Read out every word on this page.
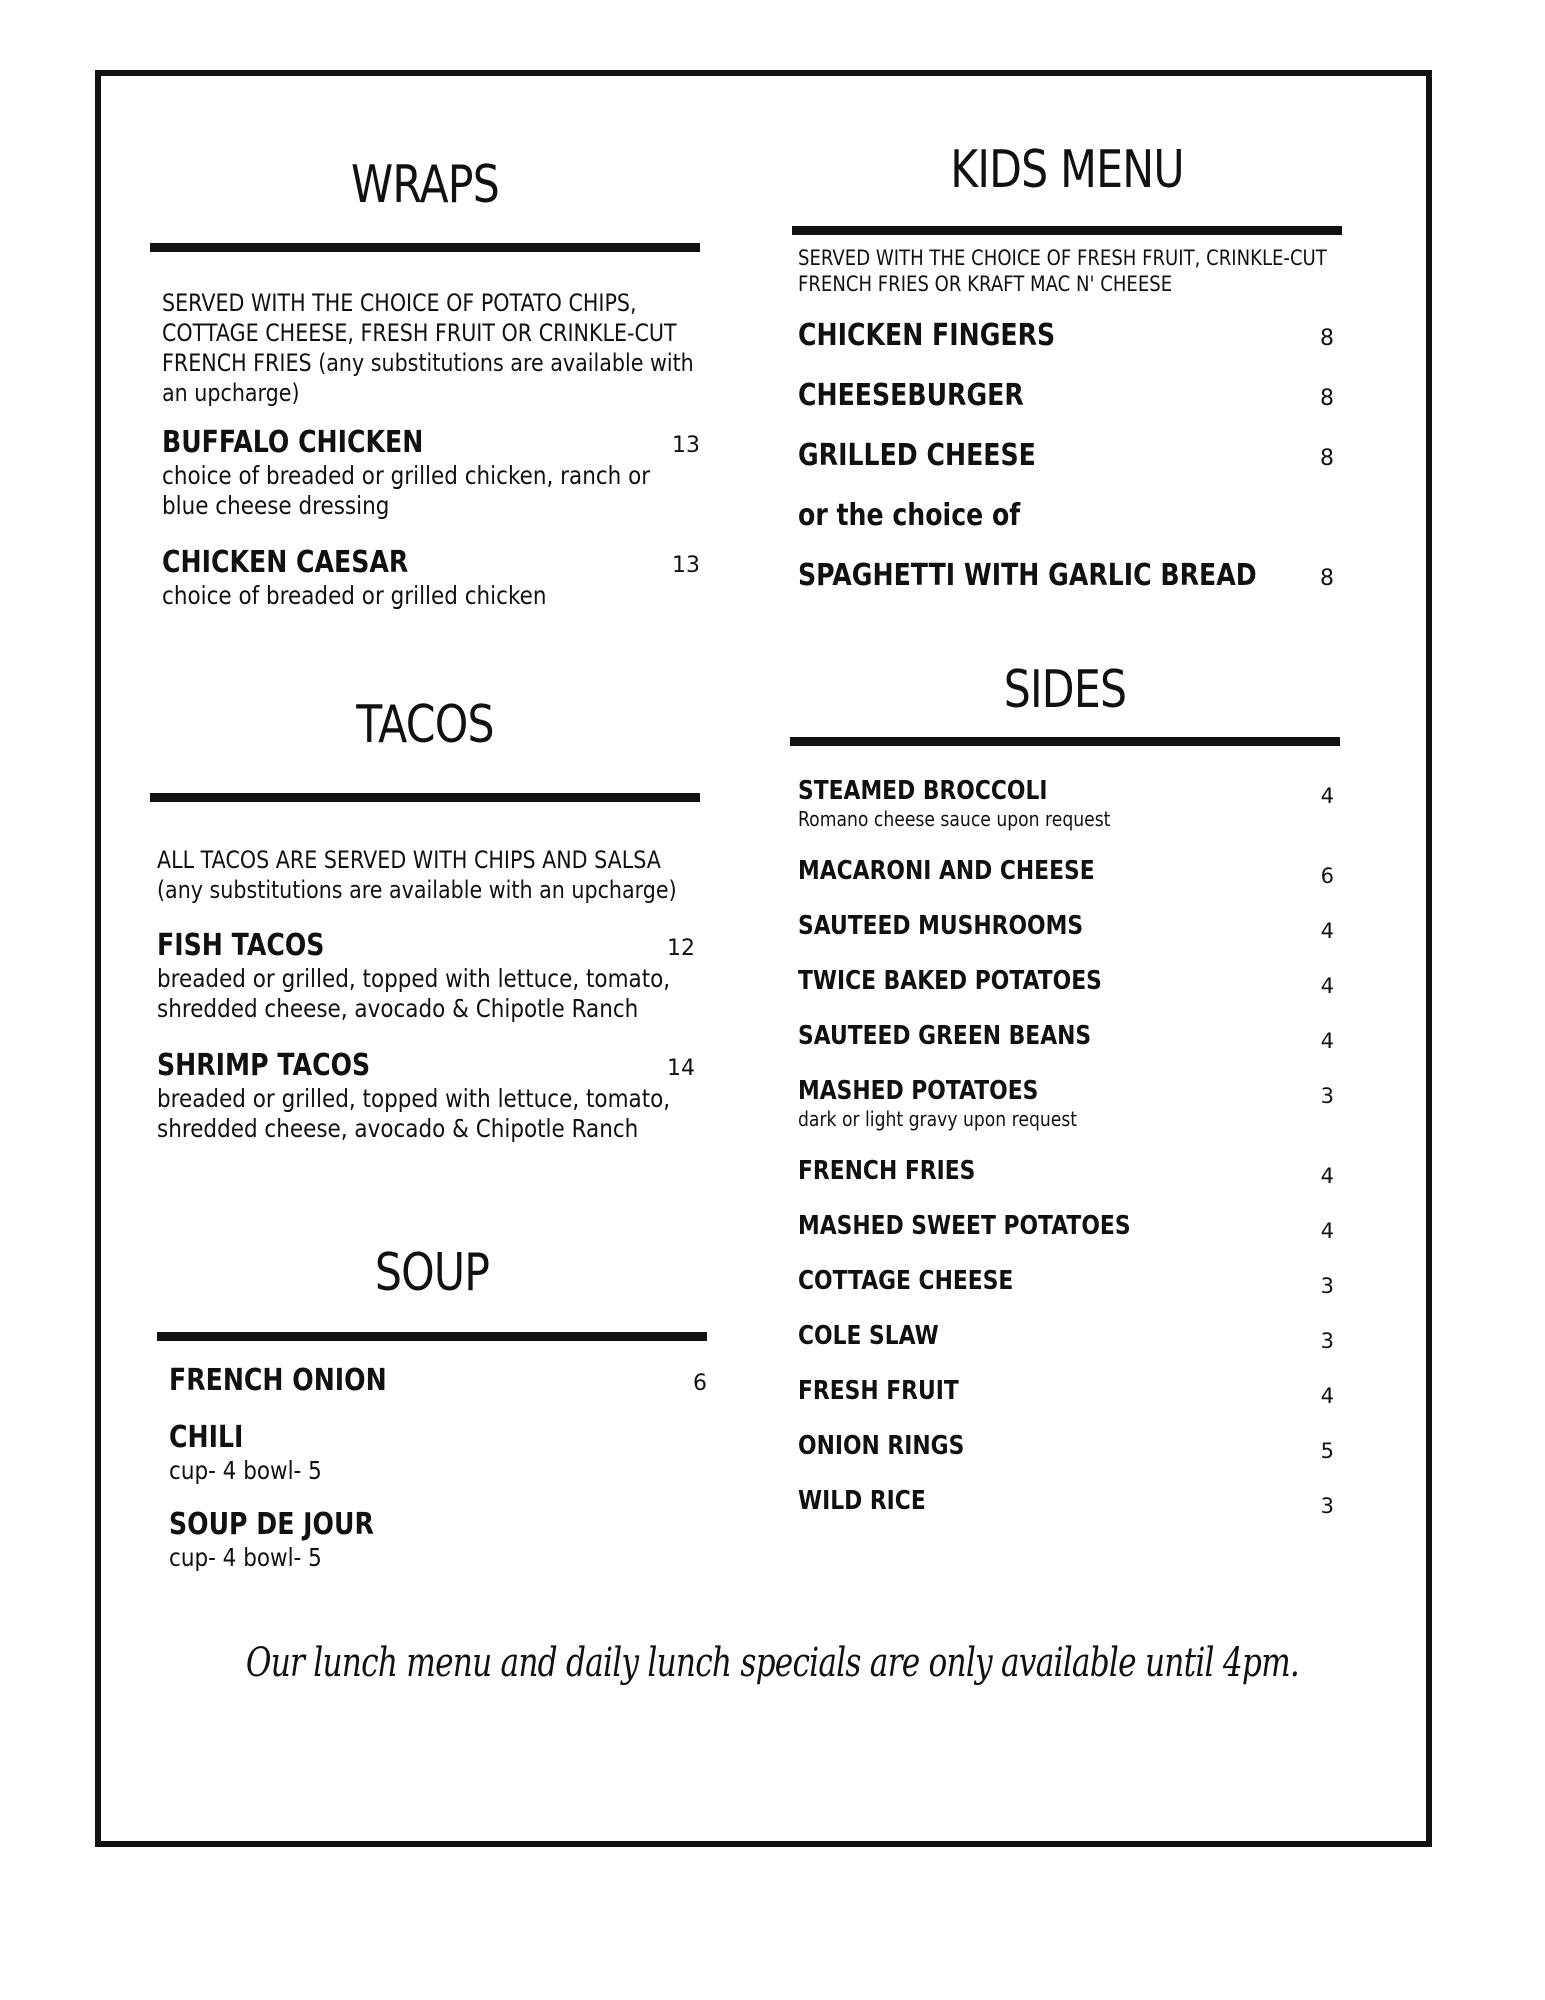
WRAPS
SERVED WITH THE CHOICE OF POTATO CHIPS, COTTAGE CHEESE, FRESH FRUIT OR CRINKLE-CUT FRENCH FRIES (any substitutions are available with an upcharge)
BUFFALO CHICKEN
choice of breaded or grilled chicken, ranch or blue cheese dressing
13
CHICKEN CAESAR
choice of breaded or grilled chicken
13
TACOS
ALL TACOS ARE SERVED WITH CHIPS AND SALSA (any substitutions are available with an upcharge)
FISH TACOS
breaded or grilled, topped with lettuce, tomato, shredded cheese, avocado & Chipotle Ranch
12
SHRIMP TACOS
breaded or grilled, topped with lettuce, tomato, shredded cheese, avocado & Chipotle Ranch
14
SOUP
FRENCH ONION	6
CHILI
cup- 4 bowl- 5
SOUP DE JOUR
cup- 4 bowl- 5
KIDS MENU
SERVED WITH THE CHOICE OF FRESH FRUIT, CRINKLE-CUT FRENCH FRIES OR KRAFT MAC N' CHEESE
CHICKEN FINGERS	8
CHEESEBURGER	8
GRILLED CHEESE	8
or the choice of
SPAGHETTI WITH GARLIC BREAD	8
SIDES
STEAMED BROCCOLI
Romano cheese sauce upon request
4
MACARONI AND CHEESE	6
SAUTEED MUSHROOMS	4
TWICE BAKED POTATOES	4
SAUTEED GREEN BEANS	4
MASHED POTATOES
dark or light gravy upon request
3
FRENCH FRIES	4
MASHED SWEET POTATOES	4
COTTAGE CHEESE	3
COLE SLAW	3
FRESH FRUIT	4
ONION RINGS	5
WILD RICE	3
Our lunch menu and daily lunch specials are only available until 4pm.
